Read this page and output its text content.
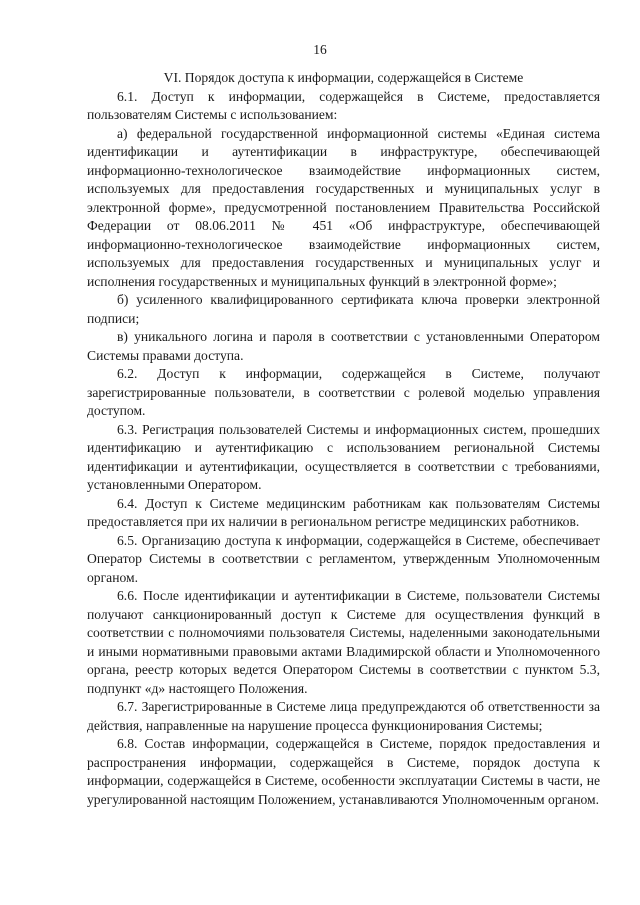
16

VI. Порядок доступа к информации, содержащейся в Системе

6.1. Доступ к информации, содержащейся в Системе, предоставляется пользователям Системы с использованием:

а) федеральной государственной информационной системы «Единая система идентификации и аутентификации в инфраструктуре, обеспечивающей информационно-технологическое взаимодействие информационных систем, используемых для предоставления государственных и муниципальных услуг в электронной форме», предусмотренной постановлением Правительства Российской Федерации от 08.06.2011 № 451 «Об инфраструктуре, обеспечивающей информационно-технологическое взаимодействие информационных систем, используемых для предоставления государственных и муниципальных услуг и исполнения государственных и муниципальных функций в электронной форме»;

б) усиленного квалифицированного сертификата ключа проверки электронной подписи;

в) уникального логина и пароля в соответствии с установленными Оператором Системы правами доступа.

6.2. Доступ к информации, содержащейся в Системе, получают зарегистрированные пользователи, в соответствии с ролевой моделью управления доступом.

6.3. Регистрация пользователей Системы и информационных систем, прошедших идентификацию и аутентификацию с использованием региональной Системы идентификации и аутентификации, осуществляется в соответствии с требованиями, установленными Оператором.

6.4. Доступ к Системе медицинским работникам как пользователям Системы предоставляется при их наличии в региональном регистре медицинских работников.

6.5. Организацию доступа к информации, содержащейся в Системе, обеспечивает Оператор Системы в соответствии с регламентом, утвержденным Уполномоченным органом.

6.6. После идентификации и аутентификации в Системе, пользователи Системы получают санкционированный доступ к Системе для осуществления функций в соответствии с полномочиями пользователя Системы, наделенными законодательными и иными нормативными правовыми актами Владимирской области и Уполномоченного органа, реестр которых ведется Оператором Системы в соответствии с пунктом 5.3, подпункт «д» настоящего Положения.

6.7. Зарегистрированные в Системе лица предупреждаются об ответственности за действия, направленные на нарушение процесса функционирования Системы;

6.8. Состав информации, содержащейся в Системе, порядок предоставления и распространения информации, содержащейся в Системе, порядок доступа к информации, содержащейся в Системе, особенности эксплуатации Системы в части, не урегулированной настоящим Положением, устанавливаются Уполномоченным органом.
